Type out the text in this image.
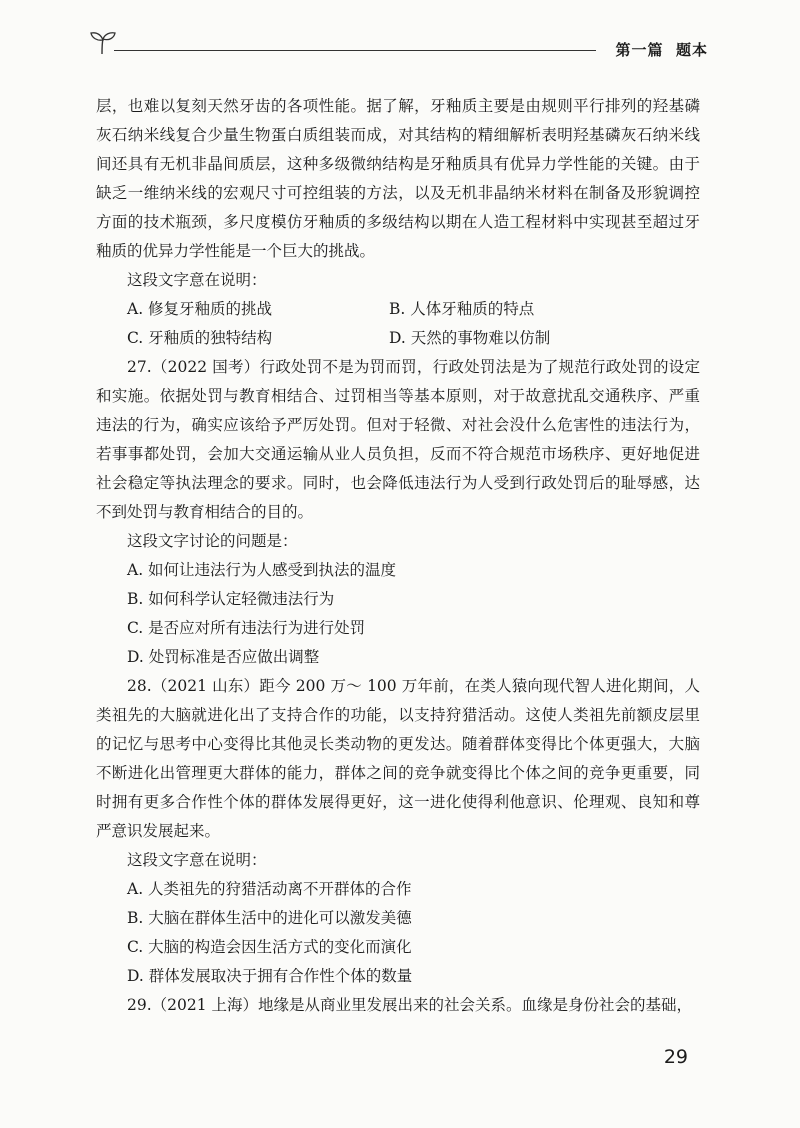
第一篇  题本

层，也难以复刻天然牙齿的各项性能。据了解，牙釉质主要是由规则平行排列的羟基磷灰石纳米线复合少量生物蛋白质组装而成，对其结构的精细解析表明羟基磷灰石纳米线间还具有无机非晶间质层，这种多级微纳结构是牙釉质具有优异力学性能的关键。由于缺乏一维纳米线的宏观尺寸可控组装的方法，以及无机非晶纳米材料在制备及形貌调控方面的技术瓶颈，多尺度模仿牙釉质的多级结构以期在人造工程材料中实现甚至超过牙釉质的优异力学性能是一个巨大的挑战。

这段文字意在说明：

A. 修复牙釉质的挑战	B. 人体牙釉质的特点
C. 牙釉质的独特结构	D. 天然的事物难以仿制

27.（2022 国考）行政处罚不是为罚而罚，行政处罚法是为了规范行政处罚的设定和实施。依据处罚与教育相结合、过罚相当等基本原则，对于故意扰乱交通秩序、严重违法的行为，确实应该给予严厉处罚。但对于轻微、对社会没什么危害性的违法行为，若事事都处罚，会加大交通运输从业人员负担，反而不符合规范市场秩序、更好地促进社会稳定等执法理念的要求。同时，也会降低违法行为人受到行政处罚后的耻辱感，达不到处罚与教育相结合的目的。

这段文字讨论的问题是：

A. 如何让违法行为人感受到执法的温度
B. 如何科学认定轻微违法行为
C. 是否应对所有违法行为进行处罚
D. 处罚标准是否应做出调整

28.（2021 山东）距今 200 万～ 100 万年前，在类人猿向现代智人进化期间，人类祖先的大脑就进化出了支持合作的功能，以支持狩猎活动。这使人类祖先前额皮层里的记忆与思考中心变得比其他灵长类动物的更发达。随着群体变得比个体更强大，大脑不断进化出管理更大群体的能力，群体之间的竞争就变得比个体之间的竞争更重要，同时拥有更多合作性个体的群体发展得更好，这一进化使得利他意识、伦理观、良知和尊严意识发展起来。

这段文字意在说明：

A. 人类祖先的狩猎活动离不开群体的合作
B. 大脑在群体生活中的进化可以激发美德
C. 大脑的构造会因生活方式的变化而演化
D. 群体发展取决于拥有合作性个体的数量

29.（2021 上海）地缘是从商业里发展出来的社会关系。血缘是身份社会的基础，

29
